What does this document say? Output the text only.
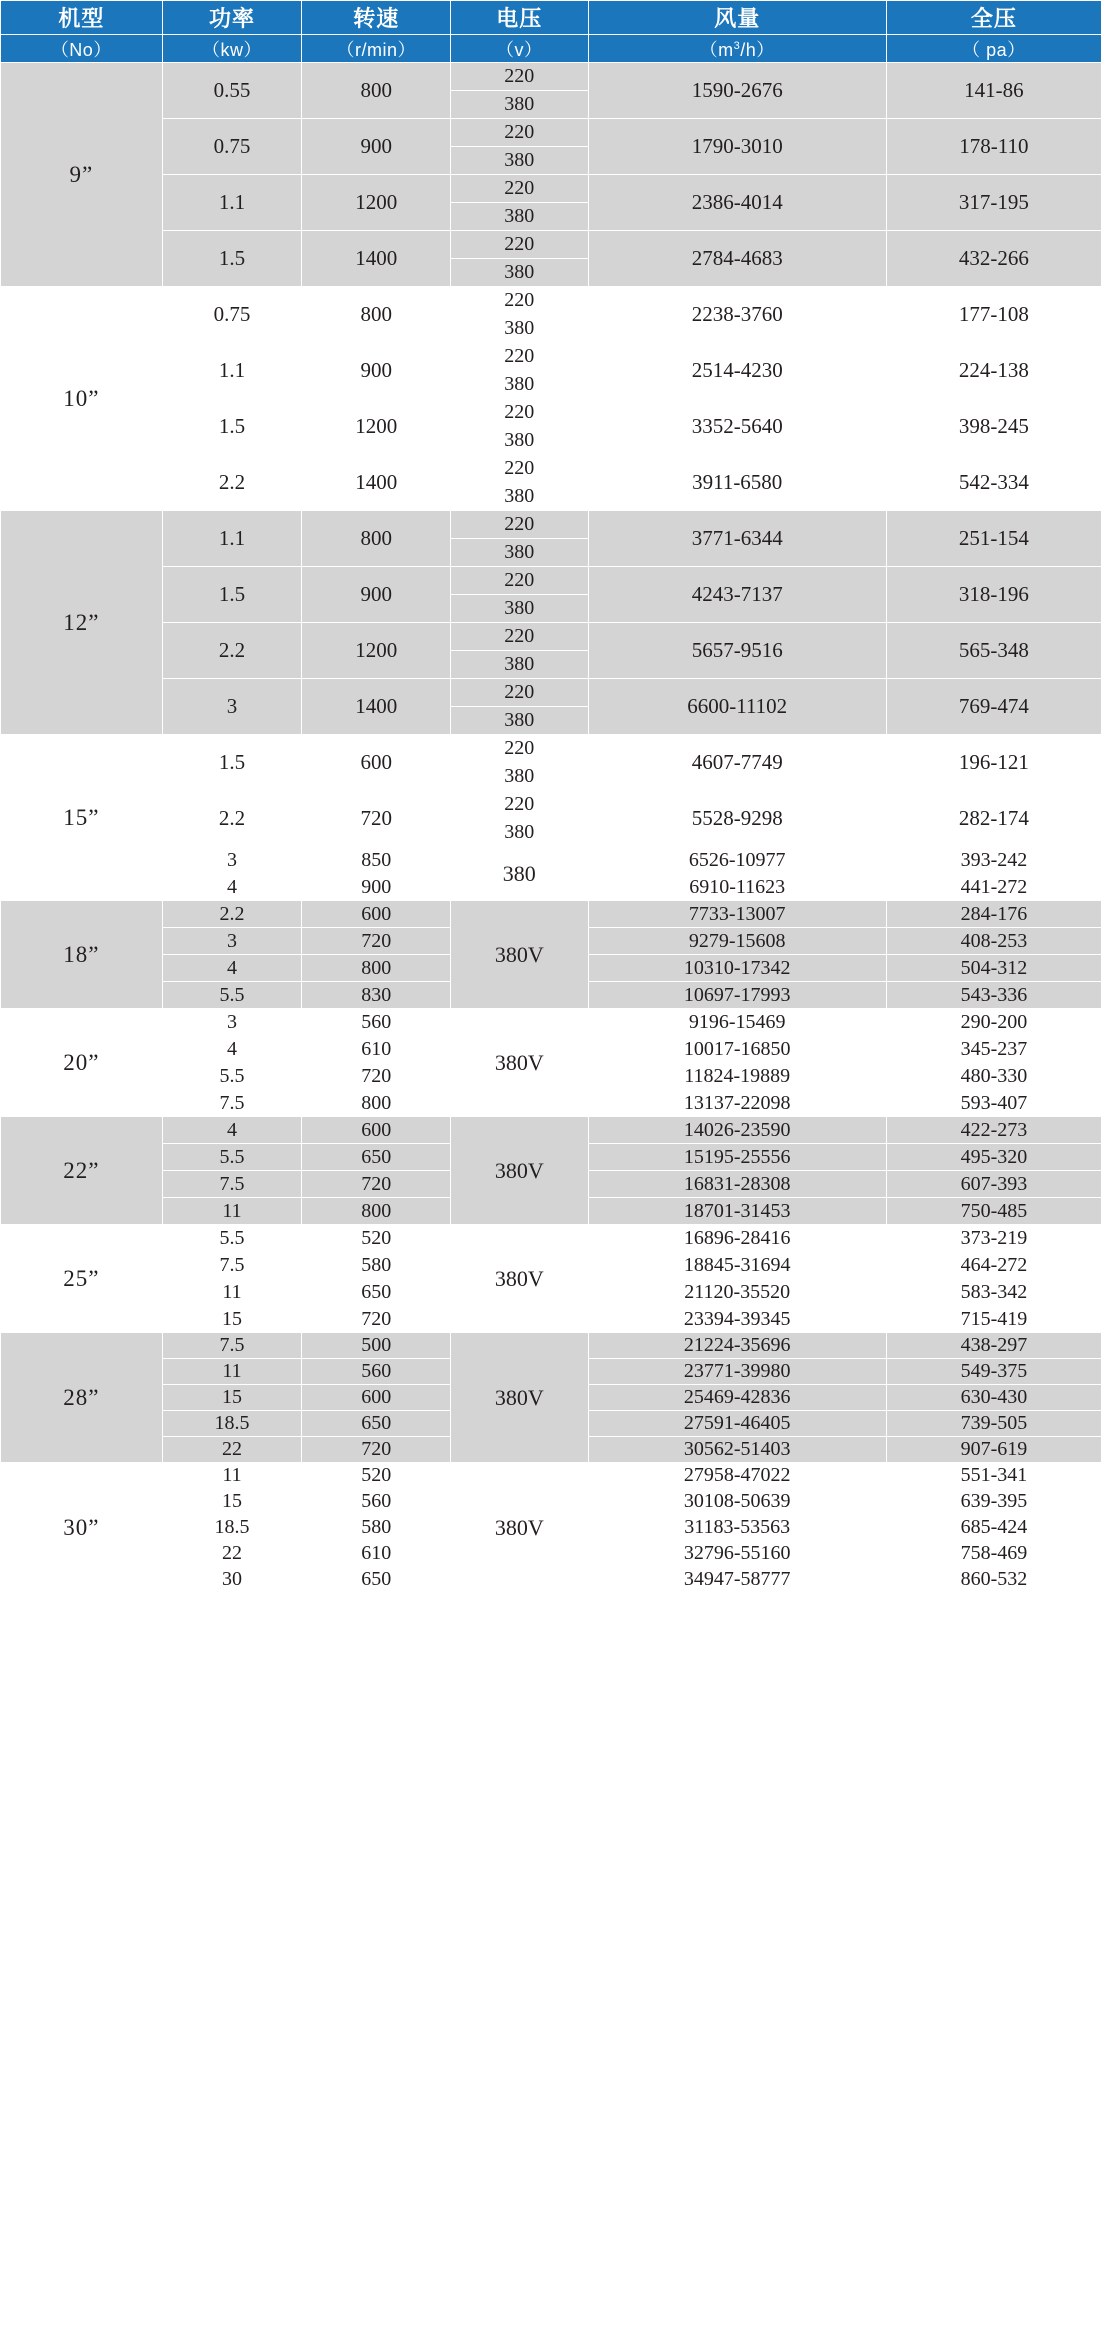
机型	功率	转速	电压	风量	全压
（No）	（kw）	（r/min）	（v）	$(m^3/h)$	（ pa）
9”	0.55	800	220	1590-2676	141-86
			380		
	0.75	900	220	1790-3010	178-110
			380		
	1.1	1200	220	2386-4014	317-195
			380		
	1.5	1400	220	2784-4683	432-266
			380		
10”	0.75	800	220	2238-3760	177-108
			380		
	1.1	900	220	2514-4230	224-138
			380		
	1.5	1200	220	3352-5640	398-245
			380		
	2.2	1400	220	3911-6580	542-334
			380		
12”	1.1	800	220	3771-6344	251-154
			380		
	1.5	900	220	4243-7137	318-196
			380		
	2.2	1200	220	5657-9516	565-348
			380		
	3	1400	220	6600-11102	769-474
			380		
15”	1.5	600	220	4607-7749	196-121
			380		
	2.2	720	220	5528-9298	282-174
			380		
	3	850	380	6526-10977	393-242
	4	900		6910-11623	441-272
18”	2.2	600	380V	7733-13007	284-176
	3	720		9279-15608	408-253
	4	800		10310-17342	504-312
	5.5	830		10697-17993	543-336
20”	3	560	380V	9196-15469	290-200
	4	610		10017-16850	345-237
	5.5	720		11824-19889	480-330
	7.5	800		13137-22098	593-407
22”	4	600	380V	14026-23590	422-273
	5.5	650		15195-25556	495-320
	7.5	720		16831-28308	607-393
	11	800		18701-31453	750-485
25”	5.5	520	380V	16896-28416	373-219
	7.5	580		18845-31694	464-272
	11	650		21120-35520	583-342
	15	720		23394-39345	715-419
28”	7.5	500	380V	21224-35696	438-297
	11	560		23771-39980	549-375
	15	600		25469-42836	630-430
	18.5	650		27591-46405	739-505
	22	720		30562-51403	907-619
30”	11	520	380V	27958-47022	551-341
	15	560		30108-50639	639-395
	18.5	580		31183-53563	685-424
	22	610		32796-55160	758-469
	30	650		34947-58777	860-532
